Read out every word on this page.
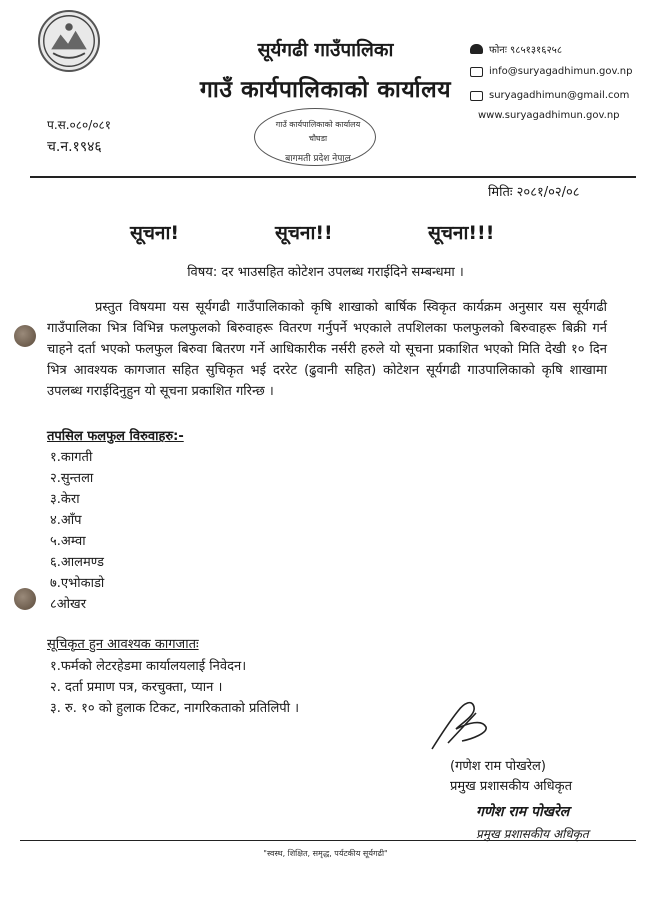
सूर्यगढी गाउँपालिका
गाउँ कार्यपालिकाको कार्यालय
फोनः ९८५१३१६२५८
info@suryagadhimun.gov.np
suryagadhimun@gmail.com
www.suryagadhimun.gov.np
प.स.०८०/०८१
च.न.१९४६
गाउँ कार्यपालिकाको कार्यालय
चौघडा
बागमती प्रदेश नेपाल
मितिः २०८१/०२/०८
सूचना!	सूचना!!	सूचना!!!
विषय: दर भाउसहित कोटेशन उपलब्ध गराईदिने सम्बन्धमा ।
प्रस्तुत विषयमा यस सूर्यगढी गाउँपालिकाको कृषि शाखाको बार्षिक स्विकृत कार्यक्रम अनुसार यस सूर्यगढी गाउँपालिका भित्र विभिन्न फलफुलको बिरुवाहरू वितरण गर्नुपर्ने भएकाले तपशिलका फलफुलको बिरुवाहरू बिक्री गर्न चाहने दर्ता भएको फलफुल बिरुवा बितरण गर्ने आधिकारीक नर्सरी हरुले यो सूचना प्रकाशित भएको मिति देखी १० दिन भित्र आवश्यक कागजात सहित सुचिकृत भई दररेट (ढुवानी सहित) कोटेशन सूर्यगढी गाउपालिकाको कृषि शाखामा उपलब्ध गराईदिनुहुन यो सूचना प्रकाशित गरिन्छ ।
तपसिल फलफुल विरुवाहरु:-
१.कागती
२.सुन्तला
३.केरा
४.आँप
५.अम्वा
६.आलमण्ड
७.एभोकाडो
८ओखर
सूचिकृत हुन आवश्यक कागजातः
१.फर्मको लेटरहेडमा कार्यालयलाई निवेदन।
२. दर्ता प्रमाण पत्र, करचुक्ता, प्यान ।
३. रु. १० को हुलाक टिकट, नागरिकताको प्रतिलिपी ।
(गणेश राम पोखरेल)
प्रमुख प्रशासकीय अधिकृत
गणेश राम पोखरेल
प्रमुख प्रशासकीय अधिकृत
"स्वस्थ, शिक्षित, समृद्ध, पर्यटकीय सूर्यगढी"
